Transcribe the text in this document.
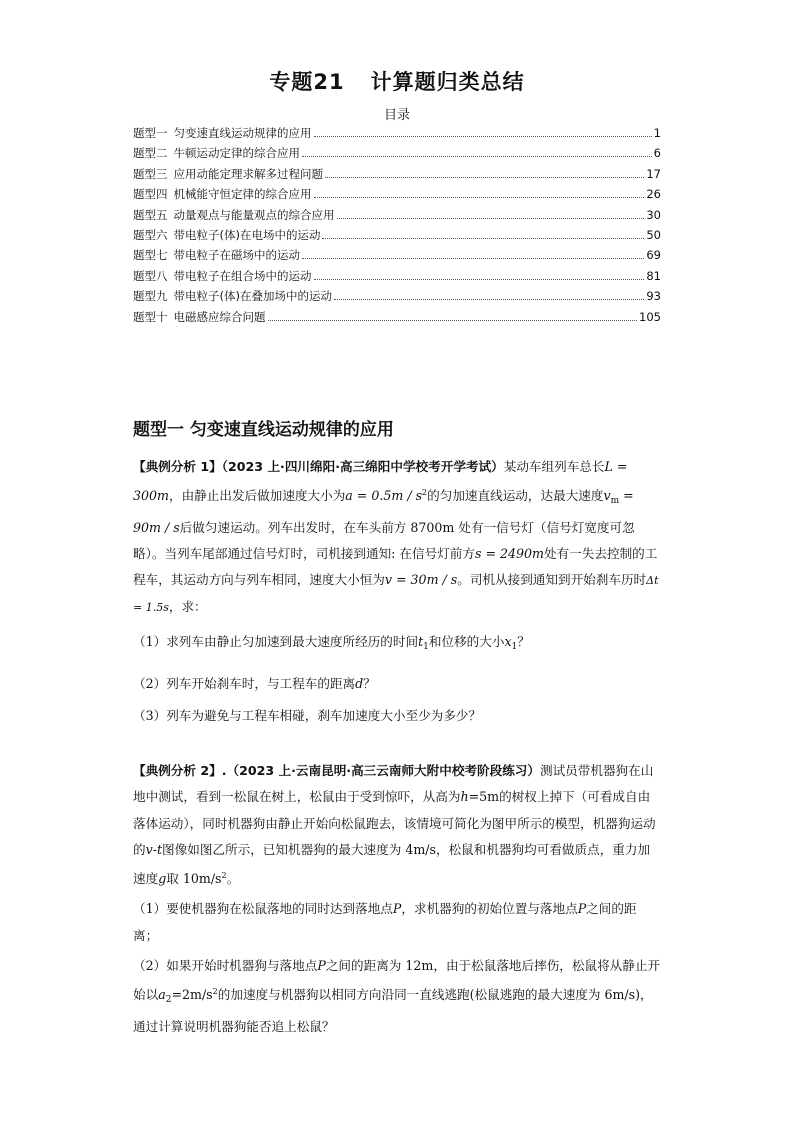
专题21 计算题归类总结
目录
题型一 匀变速直线运动规律的应用	1
题型二 牛顿运动定律的综合应用	6
题型三 应用动能定理求解多过程问题	17
题型四 机械能守恒定律的综合应用	26
题型五 动量观点与能量观点的综合应用	30
题型六 带电粒子(体)在电场中的运动	50
题型七 带电粒子在磁场中的运动	69
题型八 带电粒子在组合场中的运动	81
题型九 带电粒子(体)在叠加场中的运动	93
题型十 电磁感应综合问题	105
题型一 匀变速直线运动规律的应用
【典例分析 1】（2023 上·四川绵阳·高三绵阳中学校考开学考试）某动车组列车总长L = 300m，由静止出发后做加速度大小为$a = 0.5m / s^2$的匀加速直线运动，达最大速度$v_m = 90m / s$后做匀速运动。列车出发时，在车头前方 8700m 处有一信号灯（信号灯宽度可忽略）。当列车尾部通过信号灯时，司机接到通知: 在信号灯前方s = 2490m处有一失去控制的工程车，其运动方向与列车相同，速度大小恒为v = 30m / s。司机从接到通知到开始刹车历时Δt = 1.5s，求：
（1）求列车由静止匀加速到最大速度所经历的时间$t_1$和位移的大小$x_1$？
（2）列车开始刹车时，与工程车的距离d？
（3）列车为避免与工程车相碰，刹车加速度大小至少为多少？
【典例分析 2】.（2023 上·云南昆明·高三云南师大附中校考阶段练习）测试员带机器狗在山地中测试，看到一松鼠在树上，松鼠由于受到惊吓，从高为h=5m的树杈上掉下（可看成自由落体运动），同时机器狗由静止开始向松鼠跑去，该情境可简化为图甲所示的模型，机器狗运动的v-t图像如图乙所示，已知机器狗的最大速度为 4m/s，松鼠和机器狗均可看做质点，重力加速度g取 $10m/s^2$。
（1）要使机器狗在松鼠落地的同时达到落地点P，求机器狗的初始位置与落地点P之间的距离；
（2）如果开始时机器狗与落地点P之间的距离为 12m，由于松鼠落地后摔伤，松鼠将从静止开始以$a_2=2m/s^2$的加速度与机器狗以相同方向沿同一直线逃跑(松鼠逃跑的最大速度为 6m/s)，通过计算说明机器狗能否追上松鼠？
